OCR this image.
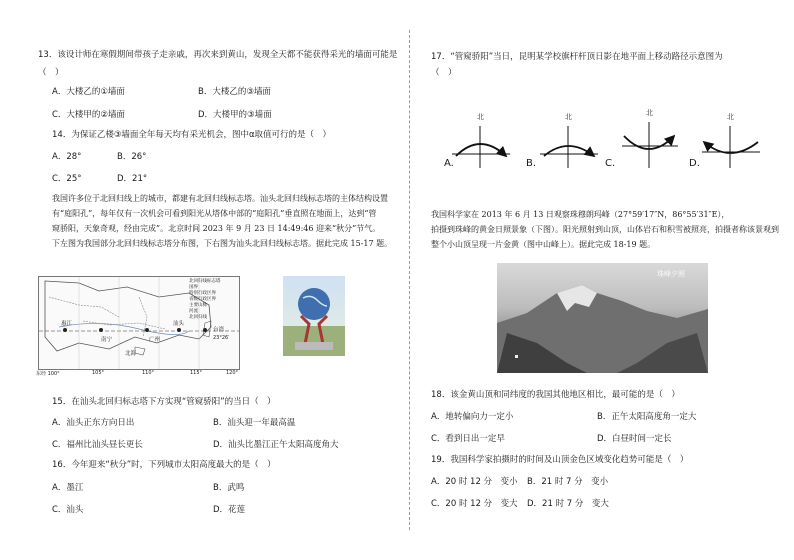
13．该设计师在寒假期间带孩子走亲戚，再次来到黄山，发现全天都不能获得采光的墙面可能是
（　）
A．大楼乙的①墙面	B．大楼乙的③墙面
C．大楼甲的②墙面	D．大楼甲的③墙面
14．为保证乙楼③墙面全年每天均有采光机会，图中α取值可行的是（　）
A．28°	B．26°
C．25°	D．21°
我国许多位于北回归线上的城市，都建有北回归线标志塔。汕头北回归线标志塔的主体结构设置
有“庭阳孔”，每年仅有一次机会可看到阳光从塔体中部的“庭阳孔”垂直照在地面上，达到“管
窥骄阳，天象奇观，经由完成”。北京时间 2023 年 9 月 23 日 14:49:46 迎来“秋分”节气。
下左图为我国部分北回归线标志塔分布图，下右图为汕头北回归线标志塔。据此完成 15-17 题。
惠江
南宁	广州
汕头
台湾
北海
23°26′
北回归线标志塔
国界
特别行政区界
省级行政区界
主要山脉
河流
北回归线
东经 100°	105°	110°	115°	120°
15．在汕头北回归标志塔下方实现“管窥骄阳”的当日（　）
A．汕头正东方向日出	B．汕头迎一年最高温
C．福州比汕头昼长更长	D．汕头比墨江正午太阳高度角大
16．今年迎来“秋分”时，下列城市太阳高度最大的是（　）
A．墨江	B．武鸣
C．汕头	D．花莲
17．“管窥骄阳”当日，昆明某学校旗杆杆顶日影在地平面上移动路径示意图为
（　）
北	北	北	北
A.	B.	C.	D.
我国科学家在 2013 年 6 月 13 日观察珠穆朗玛峰（27°59′17″N，86°55′31″E），
拍摄到珠峰的黄金日照景象（下图）。阳光照射到山顶，山体岩石和积雪被照亮，拍摄者称该景观到
整个小山顶呈现一片金黄（图中山峰上）。据此完成 18-19 题。
珠峰夕照
18．该金黄山顶和同纬度的我国其他地区相比，最可能的是（　）
A．地转偏向力一定小	B．正午太阳高度角一定大
C．看到日出一定早	D．白昼时间一定长
19．我国科学家拍摄时的时间及山顶金色区域变化趋势可能是（　）
A．20 时 12 分　变小 B．21 时 7 分　变小
C．20 时 12 分　变大 D．21 时 7 分　变大
